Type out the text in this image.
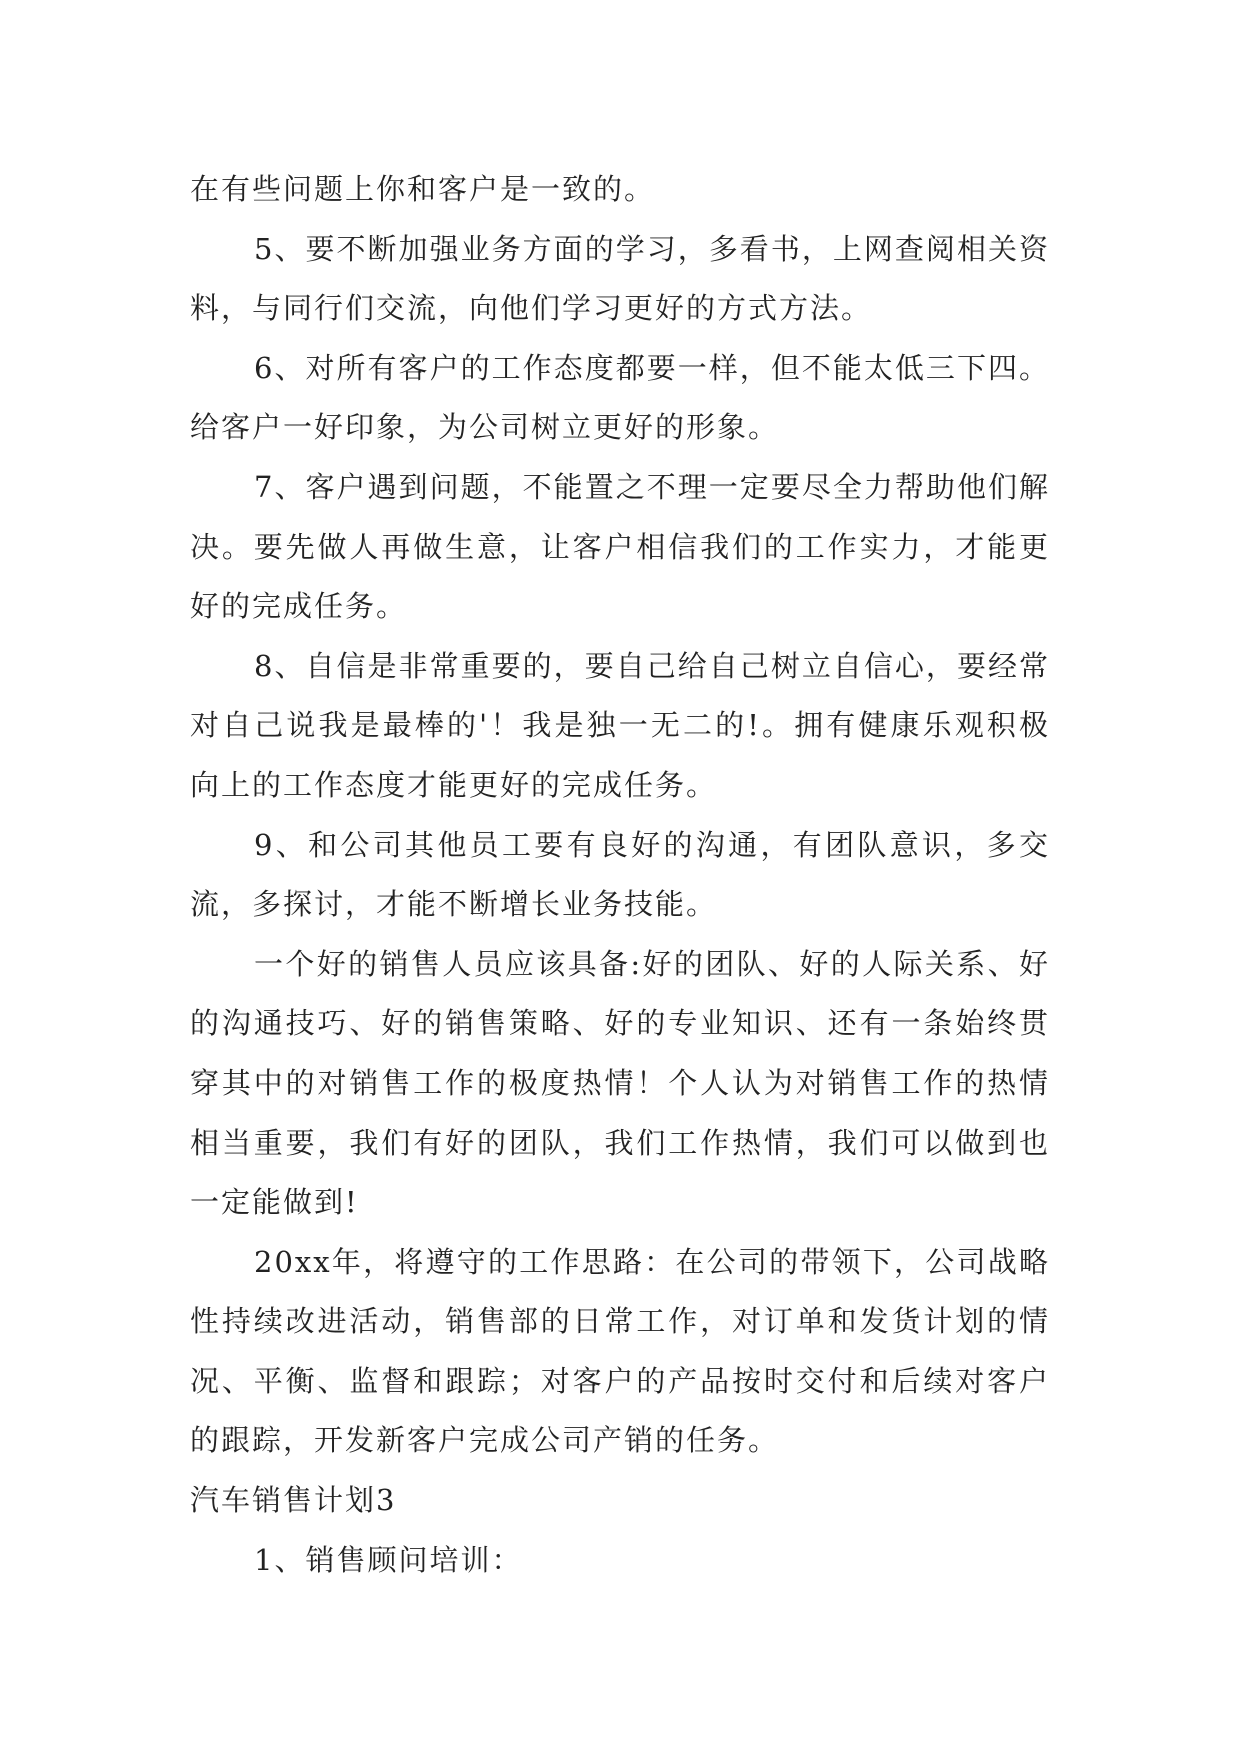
在有些问题上你和客户是一致的。

5、要不断加强业务方面的学习，多看书，上网查阅相关资料，与同行们交流，向他们学习更好的方式方法。

6、对所有客户的工作态度都要一样，但不能太低三下四。给客户一好印象，为公司树立更好的形象。

7、客户遇到问题，不能置之不理一定要尽全力帮助他们解决。要先做人再做生意，让客户相信我们的工作实力，才能更好的完成任务。

8、自信是非常重要的，要自己给自己树立自信心，要经常对自己说我是最棒的'！我是独一无二的!。拥有健康乐观积极向上的工作态度才能更好的完成任务。

9、和公司其他员工要有良好的沟通，有团队意识，多交流，多探讨，才能不断增长业务技能。

一个好的销售人员应该具备:好的团队、好的人际关系、好的沟通技巧、好的销售策略、好的专业知识、还有一条始终贯穿其中的对销售工作的极度热情！个人认为对销售工作的热情相当重要，我们有好的团队，我们工作热情，我们可以做到也一定能做到!

20xx年，将遵守的工作思路：在公司的带领下，公司战略性持续改进活动，销售部的日常工作，对订单和发货计划的情况、平衡、监督和跟踪；对客户的产品按时交付和后续对客户的跟踪，开发新客户完成公司产销的任务。

汽车销售计划3

1、销售顾问培训：
